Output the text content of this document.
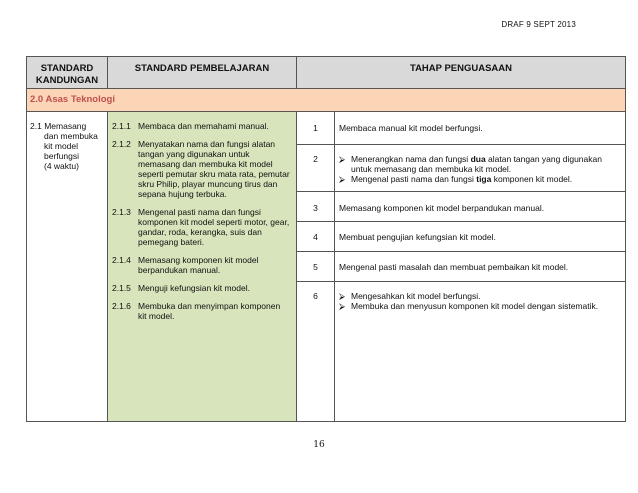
DRAF 9 SEPT 2013
STANDARD
KANDUNGAN
STANDARD PEMBELAJARAN	TAHAP PENGUASAAN
2.0 Asas Teknologi
2.1 Memasang
dan membuka
kit model
berfungsi
(4 waktu)
2.1.1 Membaca dan memahami manual.
2.1.2 Menyatakan nama dan fungsi alatan tangan yang digunakan untuk memasang dan membuka kit model seperti pemutar skru mata rata, pemutar skru Philip, playar muncung tirus dan sepana hujung terbuka.
2.1.3 Mengenal pasti nama dan fungsi komponen kit model seperti motor, gear, gandar, roda, kerangka, suis dan pemegang bateri.
2.1.4 Memasang komponen kit model berpandukan manual.
2.1.5 Menguji kefungsian kit model.
2.1.6 Membuka dan menyimpan komponen kit model.
1	Membaca manual kit model berfungsi.
2	⮚ Menerangkan nama dan fungsi dua alatan tangan yang digunakan untuk memasang dan membuka kit model.
⮚ Mengenal pasti nama dan fungsi tiga komponen kit model.
3	Memasang komponen kit model berpandukan manual.
4	Membuat pengujian kefungsian kit model.
5	Mengenal pasti masalah dan membuat pembaikan kit model.
6	⮚ Mengesahkan kit model berfungsi.
⮚ Membuka dan menyusun komponen kit model dengan sistematik.
16
